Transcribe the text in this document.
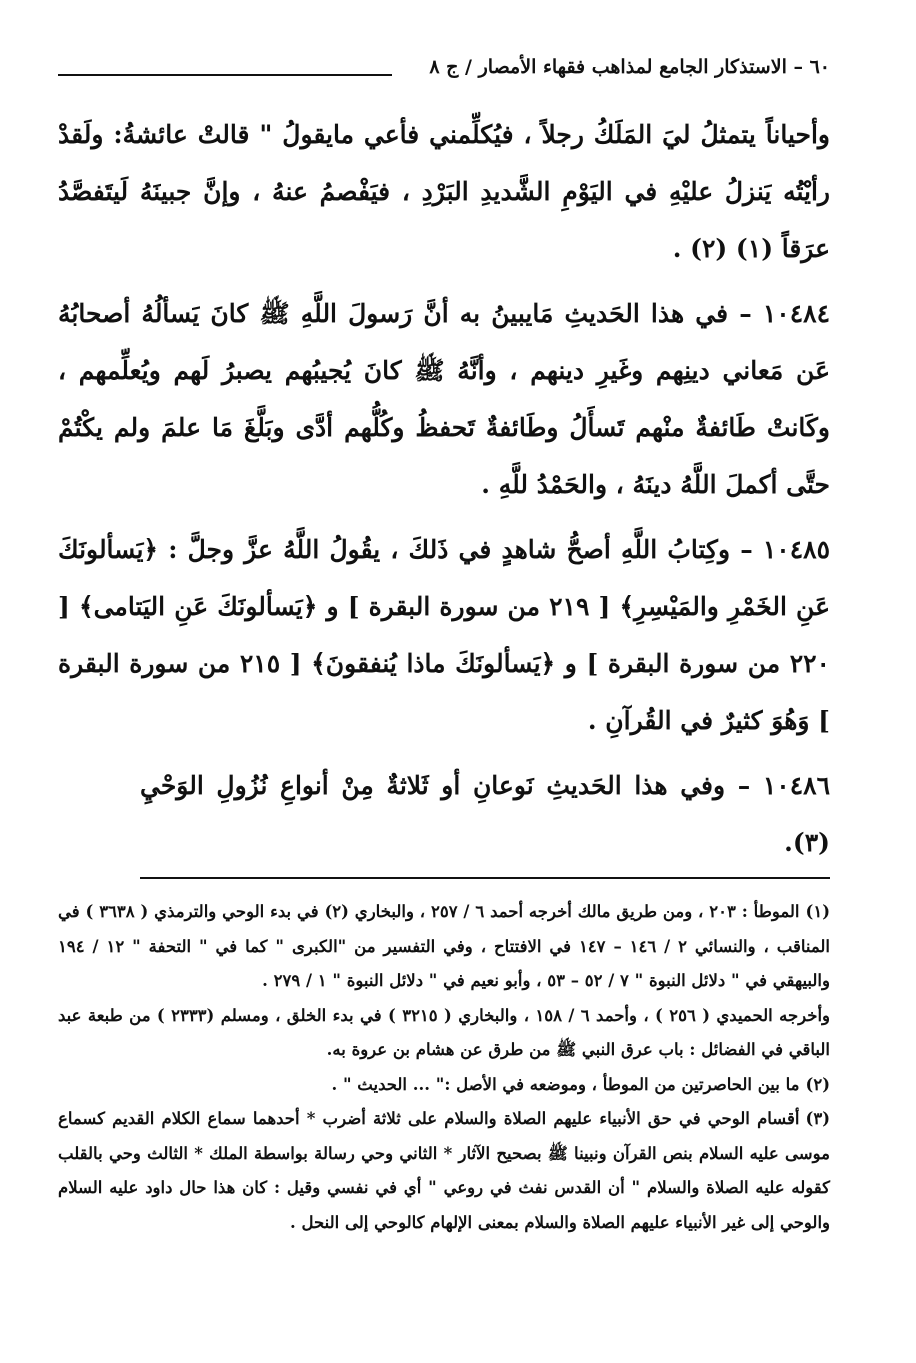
٦٠ – الاستذكار الجامع لمذاهب فقهاء الأمصار / ج ٨

وأحياناً يتمثلُ ليَ المَلَكُ رجلاً ، فيُكلِّمني فأعي مايقولُ " قالتْ عائشةُ: ولَقدْ رأيْتُه يَنزلُ عليْهِ في اليَوْمِ الشَّديدِ البَرْدِ ، فيَفْصمُ عنهُ ، وإنَّ جبينَهُ لَيتَفصَّدُ عرَقاً (١) (٢) .

١٠٤٨٤ – في هذا الحَديثِ مَايبينُ به أنَّ رَسولَ اللَّهِ ﷺ كانَ يَسألُهُ أصحابُهُ عَن مَعاني دينِهم وغَيرِ دينهم ، وأنَّهُ ﷺ كانَ يُجيبُهم يصبرُ لَهم ويُعلِّمهم ، وكَانتْ طَائفةٌ منْهم تَسأَلُ وطَائفةٌ تَحفظُ وكُلُّهم أدَّى وبَلَّغَ مَا علمَ ولم يكْتُمْ حتَّى أكملَ اللَّهُ دينَهُ ، والحَمْدُ للَّهِ .

١٠٤٨٥ – وكِتابُ اللَّهِ أصحُّ شاهدٍ في ذَلكَ ، يقُولُ اللَّهُ عزَّ وجلَّ : ﴿يَسألونَكَ عَنِ الخَمْرِ والمَيْسِرِ﴾ [ ٢١٩ من سورة البقرة ] و ﴿يَسألونَكَ عَنِ اليَتامى﴾ [ ٢٢٠ من سورة البقرة ] و ﴿يَسألونَكَ ماذا يُنفقونَ﴾ [ ٢١٥ من سورة البقرة ] وَهُوَ كثيرٌ في القُرآنِ .

١٠٤٨٦ – وفي هذا الحَديثِ نَوعانِ أو ثَلاثةٌ مِنْ أنواعِ نُزُولِ الوَحْيِ (٣).

(١)الموطأ : ٢٠٣ ، ومن طريق مالك أخرجه أحمد ٦ / ٢٥٧ ، والبخاري (٢) في بدء الوحي والترمذي ( ٣٦٣٨ ) في المناقب ، والنسائي ٢ / ١٤٦ – ١٤٧ في الافتتاح ، وفي التفسير من "الكبرى " كما في " التحفة " ١٢ / ١٩٤ والبيهقي في " دلائل النبوة " ٧ / ٥٢ – ٥٣ ، وأبو نعيم في " دلائل النبوة " ١ / ٢٧٩ .

وأخرجه الحميدي ( ٢٥٦ ) ، وأحمد ٦ / ١٥٨ ، والبخاري ( ٣٢١٥ ) في بدء الخلق ، ومسلم (٢٣٣٣ ) من طبعة عبد الباقي في الفضائل : باب عرق النبي ﷺ من طرق عن هشام بن عروة به.

(٢)ما بين الحاصرتين من الموطأ ، وموضعه في الأصل :" ... الحديث " .

(٣)أقسام الوحي في حق الأنبياء عليهم الصلاة والسلام على ثلاثة أضرب * أحدهما سماع الكلام القديم كسماع موسى عليه السلام بنص القرآن ونبينا ﷺ بصحيح الآثار * الثاني وحي رسالة بواسطة الملك * الثالث وحي بالقلب كقوله عليه الصلاة والسلام " أن القدس نفث في روعي " أي في نفسي وقيل : كان هذا حال داود عليه السلام والوحي إلى غير الأنبياء عليهم الصلاة والسلام بمعنى الإلهام كالوحي إلى النحل .
